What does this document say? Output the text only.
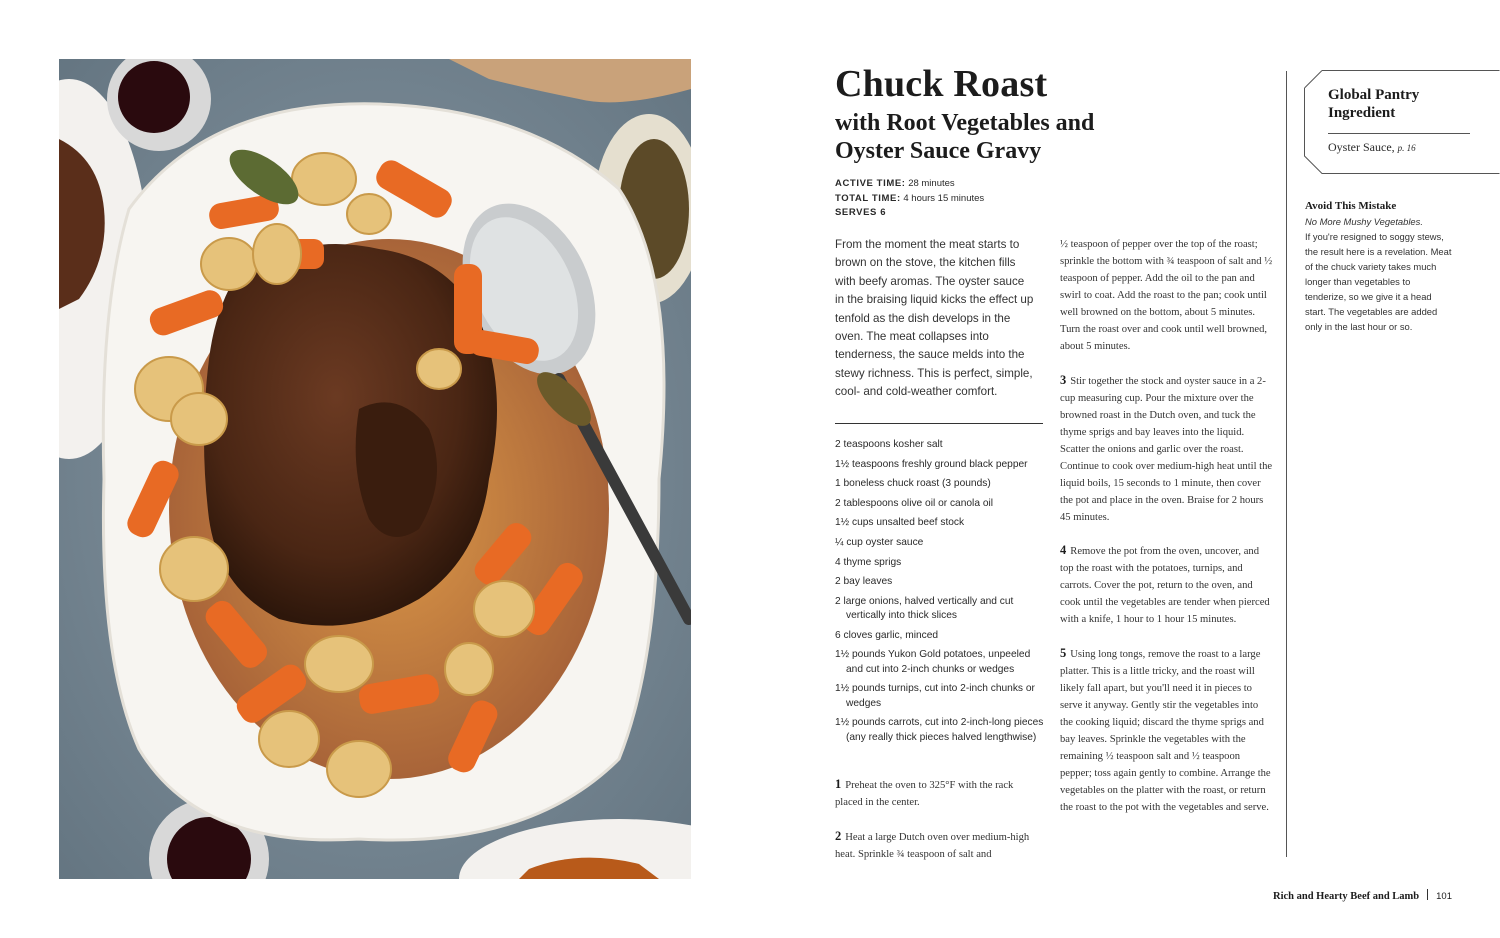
Chuck Roast
with Root Vegetables and Oyster Sauce Gravy
ACTIVE TIME: 28 minutes
TOTAL TIME: 4 hours 15 minutes
SERVES 6

From the moment the meat starts to brown on the stove, the kitchen fills with beefy aromas. The oyster sauce in the braising liquid kicks the effect up tenfold as the dish develops in the oven. The meat collapses into tenderness, the sauce melds into the stewy richness. This is perfect, simple, cool- and cold-weather comfort.

2 teaspoons kosher salt
1½ teaspoons freshly ground black pepper
1 boneless chuck roast (3 pounds)
2 tablespoons olive oil or canola oil
1½ cups unsalted beef stock
¼ cup oyster sauce
4 thyme sprigs
2 bay leaves
2 large onions, halved vertically and cut vertically into thick slices
6 cloves garlic, minced
1½ pounds Yukon Gold potatoes, unpeeled and cut into 2-inch chunks or wedges
1½ pounds turnips, cut into 2-inch chunks or wedges
1½ pounds carrots, cut into 2-inch-long pieces (any really thick pieces halved lengthwise)

1 Preheat the oven to 325°F with the rack placed in the center.

2 Heat a large Dutch oven over medium-high heat. Sprinkle ¾ teaspoon of salt and

½ teaspoon of pepper over the top of the roast; sprinkle the bottom with ¾ teaspoon of salt and ½ teaspoon of pepper. Add the oil to the pan and swirl to coat. Add the roast to the pan; cook until well browned on the bottom, about 5 minutes. Turn the roast over and cook until well browned, about 5 minutes.

3 Stir together the stock and oyster sauce in a 2-cup measuring cup. Pour the mixture over the browned roast in the Dutch oven, and tuck the thyme sprigs and bay leaves into the liquid. Scatter the onions and garlic over the roast. Continue to cook over medium-high heat until the liquid boils, 15 seconds to 1 minute, then cover the pot and place in the oven. Braise for 2 hours 45 minutes.

4 Remove the pot from the oven, uncover, and top the roast with the potatoes, turnips, and carrots. Cover the pot, return to the oven, and cook until the vegetables are tender when pierced with a knife, 1 hour to 1 hour 15 minutes.

5 Using long tongs, remove the roast to a large platter. This is a little tricky, and the roast will likely fall apart, but you'll need it in pieces to serve it anyway. Gently stir the vegetables into the cooking liquid; discard the thyme sprigs and bay leaves. Sprinkle the vegetables with the remaining ½ teaspoon salt and ½ teaspoon pepper; toss again gently to combine. Arrange the vegetables on the platter with the roast, or return the roast to the pot with the vegetables and serve.

Global Pantry Ingredient
Oyster Sauce, p. 16
Avoid This Mistake
No More Mushy Vegetables.
If you're resigned to soggy stews, the result here is a revelation. Meat of the chuck variety takes much longer than vegetables to tenderize, so we give it a head start. The vegetables are added only in the last hour or so.
Rich and Hearty Beef and Lamb 101
